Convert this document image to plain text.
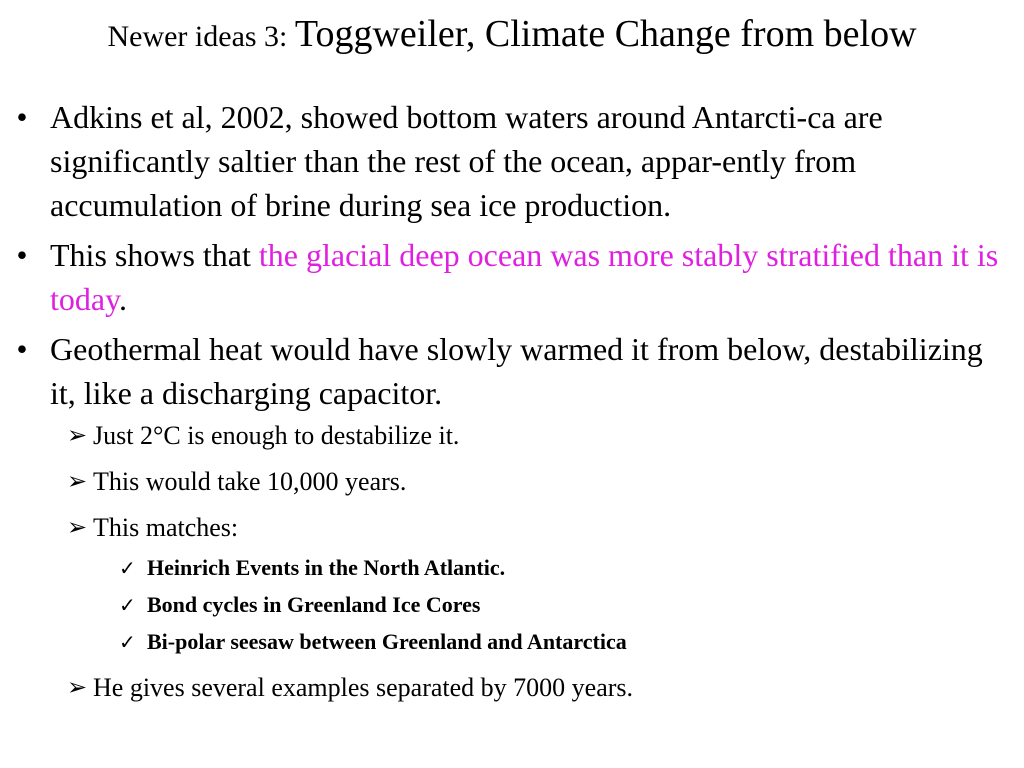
Newer ideas 3: Toggweiler, Climate Change from below
• Adkins et al, 2002, showed bottom waters around Antarcti-ca are significantly saltier than the rest of the ocean, appar-ently from accumulation of brine during sea ice production.
• This shows that the glacial deep ocean was more stably stratified than it is today.
• Geothermal heat would have slowly warmed it from below, destabilizing it, like a discharging capacitor.
➢ Just 2°C is enough to destabilize it.
➢ This would take 10,000 years.
➢ This matches:
✓ Heinrich Events in the North Atlantic.
✓ Bond cycles in Greenland Ice Cores
✓ Bi-polar seesaw between Greenland and Antarctica
➢ He gives several examples separated by 7000 years.
